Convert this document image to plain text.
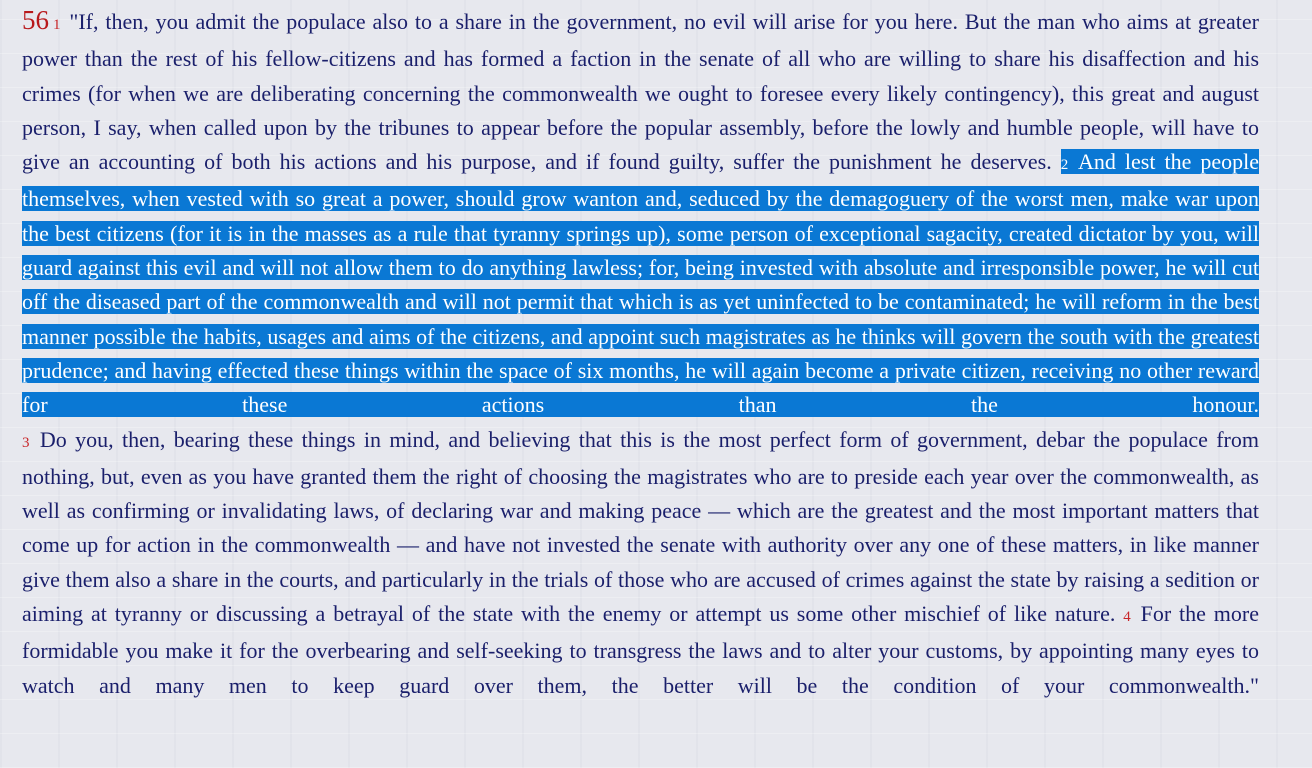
56 1 "If, then, you admit the populace also to a share in the government, no evil will arise for you here. But the man who aims at greater power than the rest of his fellow-citizens and has formed a faction in the senate of all who are willing to share his disaffection and his crimes (for when we are deliberating concerning the commonwealth we ought to foresee every likely contingency), this great and august person, I say, when called upon by the tribunes to appear before the popular assembly, before the lowly and humble people, will have to give an accounting of both his actions and his purpose, and if found guilty, suffer the punishment he deserves. 2 And lest the people themselves, when vested with so great a power, should grow wanton and, seduced by the demagoguery of the worst men, make war upon the best citizens (for it is in the masses as a rule that tyranny springs up), some person of exceptional sagacity, created dictator by you, will guard against this evil and will not allow them to do anything lawless; for, being invested with absolute and irresponsible power, he will cut off the diseased part of the commonwealth and will not permit that which is as yet uninfected to be contaminated; he will reform in the best manner possible the habits, usages and aims of the citizens, and appoint such magistrates as he thinks will govern the south with the greatest prudence; and having effected these things within the space of six months, he will again become a private citizen, receiving no other reward for these actions than the honour.

3 Do you, then, bearing these things in mind, and believing that this is the most perfect form of government, debar the populace from nothing, but, even as you have granted them the right of choosing the magistrates who are to preside each year over the commonwealth, as well as confirming or invalidating laws, of declaring war and making peace — which are the greatest and the most important matters that come up for action in the commonwealth — and have not invested the senate with authority over any one of these matters, in like manner give them also a share in the courts, and particularly in the trials of those who are accused of crimes against the state by raising a sedition or aiming at tyranny or discussing a betrayal of the state with the enemy or attempt us some other mischief of like nature. 4 For the more formidable you make it for the overbearing and self-seeking to transgress the laws and to alter your customs, by appointing many eyes to watch and many men to keep guard over them, the better will be the condition of your commonwealth."
